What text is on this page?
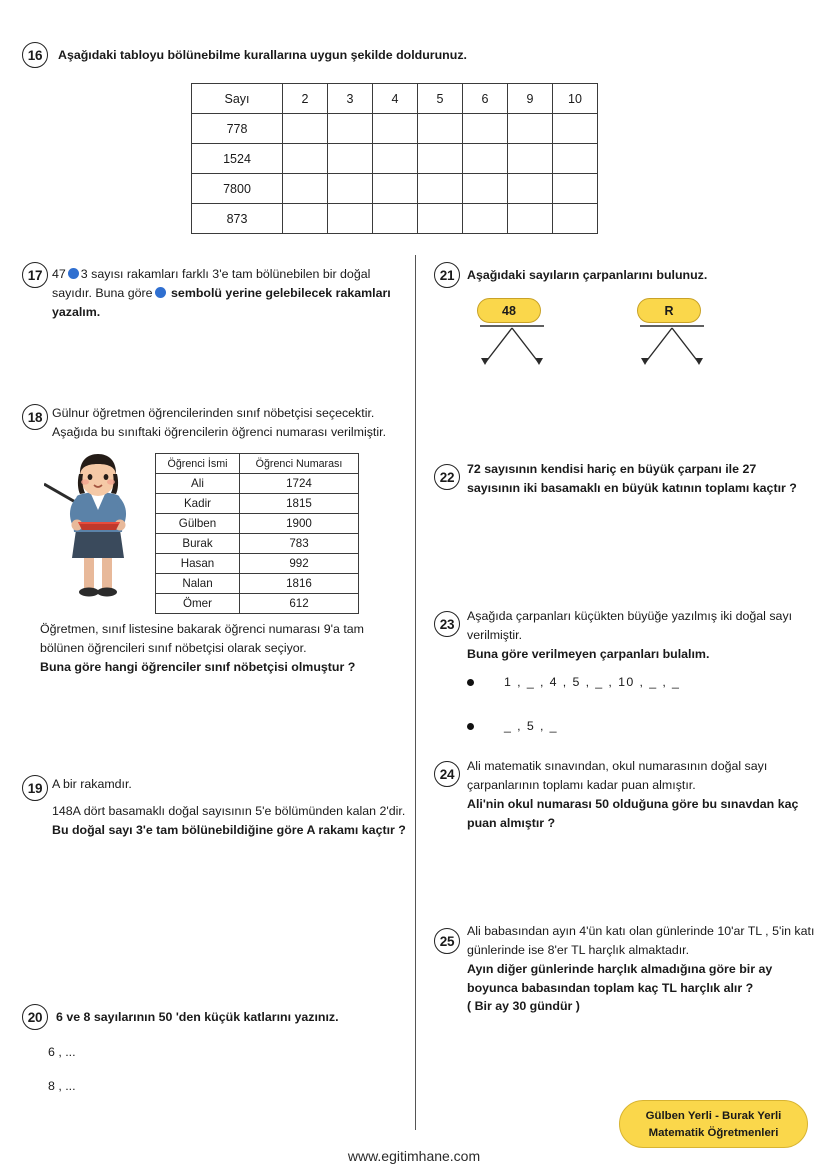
16	Aşağıdaki tabloyu bölünebilme kurallarına uygun şekilde doldurunuz.
Sayı	2	3	4	5	6	9	10
778							
1524							
7800							
873							
17 47 3 sayısı rakamları farklı 3'e tam bölünebilen bir doğal
sayıdır. Buna göre sembolü yerine gelebilecek rakamları
yazalım.
18 Gülnur öğretmen öğrencilerinden sınıf nöbetçisi seçecektir.
Aşağıda bu sınıftaki öğrencilerin öğrenci numarası verilmiştir.
Öğrenci İsmi	Öğrenci Numarası
Ali	1724
Kadir	1815
Gülben	1900
Burak	783
Hasan	992
Nalan	1816
Ömer	612
Öğretmen, sınıf listesine bakarak öğrenci numarası 9'a tam
bölünen öğrencileri sınıf nöbetçisi olarak seçiyor.
Buna göre hangi öğrenciler sınıf nöbetçisi olmuştur ?
19 A bir rakamdır.
148A dört basamaklı doğal sayısının 5'e bölümünden kalan 2'dir.
Bu doğal sayı 3'e tam bölünebildiğine göre A rakamı kaçtır ?
20	6 ve 8 sayılarının 50 'den küçük katlarını yazınız.
6 , ...
8 , ...
21	Aşağıdaki sayıların çarpanlarını bulunuz.
48	R
22
72 sayısının kendisi hariç en büyük çarpanı ile 27
sayısının iki basamaklı en büyük katının toplamı kaçtır ?
23
Aşağıda çarpanları küçükten büyüğe yazılmış iki doğal sayı
verilmiştir.
Buna göre verilmeyen çarpanları bulalım.
1 , _ , 4 , 5 , _ , 10 , _ , _
_ , 5 , _
24
Ali matematik sınavından, okul numarasının doğal sayı
çarpanlarının toplamı kadar puan almıştır.
Ali'nin okul numarası 50 olduğuna göre bu sınavdan kaç
puan almıştır ?
25
Ali babasından ayın 4'ün katı olan günlerinde 10'ar TL , 5'in katı
günlerinde ise 8'er TL harçlık almaktadır.
Ayın diğer günlerinde harçlık almadığına göre bir ay
boyunca babasından toplam kaç TL harçlık alır ?
( Bir ay 30 gündür )
Gülben Yerli - Burak Yerli
Matematik Öğretmenleri
www.egitimhane.com
